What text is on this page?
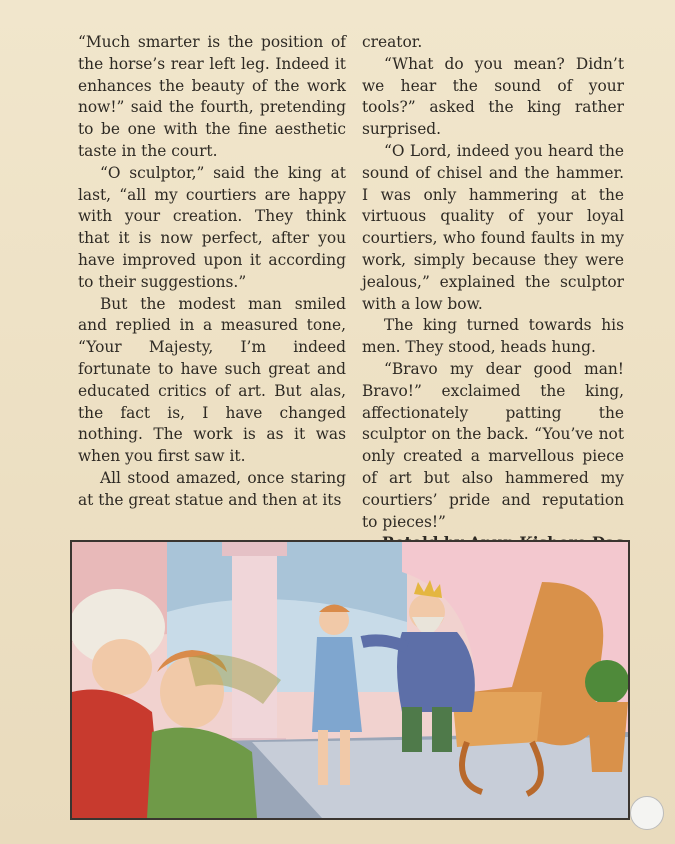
“Much smarter is the position of the horse’s rear left leg. Indeed it enhances the beauty of the work now!” said the fourth, pretending to be one with the fine aesthetic taste in the court.

“O sculptor,” said the king at last, “all my courtiers are happy with your creation. They think that it is now perfect, after you have improved upon it according to their suggestions.”

But the modest man smiled and replied in a measured tone, “Your Majesty, I’m indeed fortunate to have such great and educated critics of art. But alas, the fact is, I have changed nothing. The work is as it was when you first saw it.

All stood amazed, once staring at the great statue and then at its

creator.

“What do you mean? Didn’t we hear the sound of your tools?” asked the king rather surprised.

“O Lord, indeed you heard the sound of chisel and the hammer. I was only hammering at the virtuous quality of your loyal courtiers, who found faults in my work, simply because they were jealous,” explained the sculptor with a low bow.

The king turned towards his men. They stood, heads hung.

“Bravo my dear good man! Bravo!” exclaimed the king, affectionately patting the sculptor on the back. “You’ve not only created a marvellous piece of art but also hammered my courtiers’ pride and reputation to pieces!”
